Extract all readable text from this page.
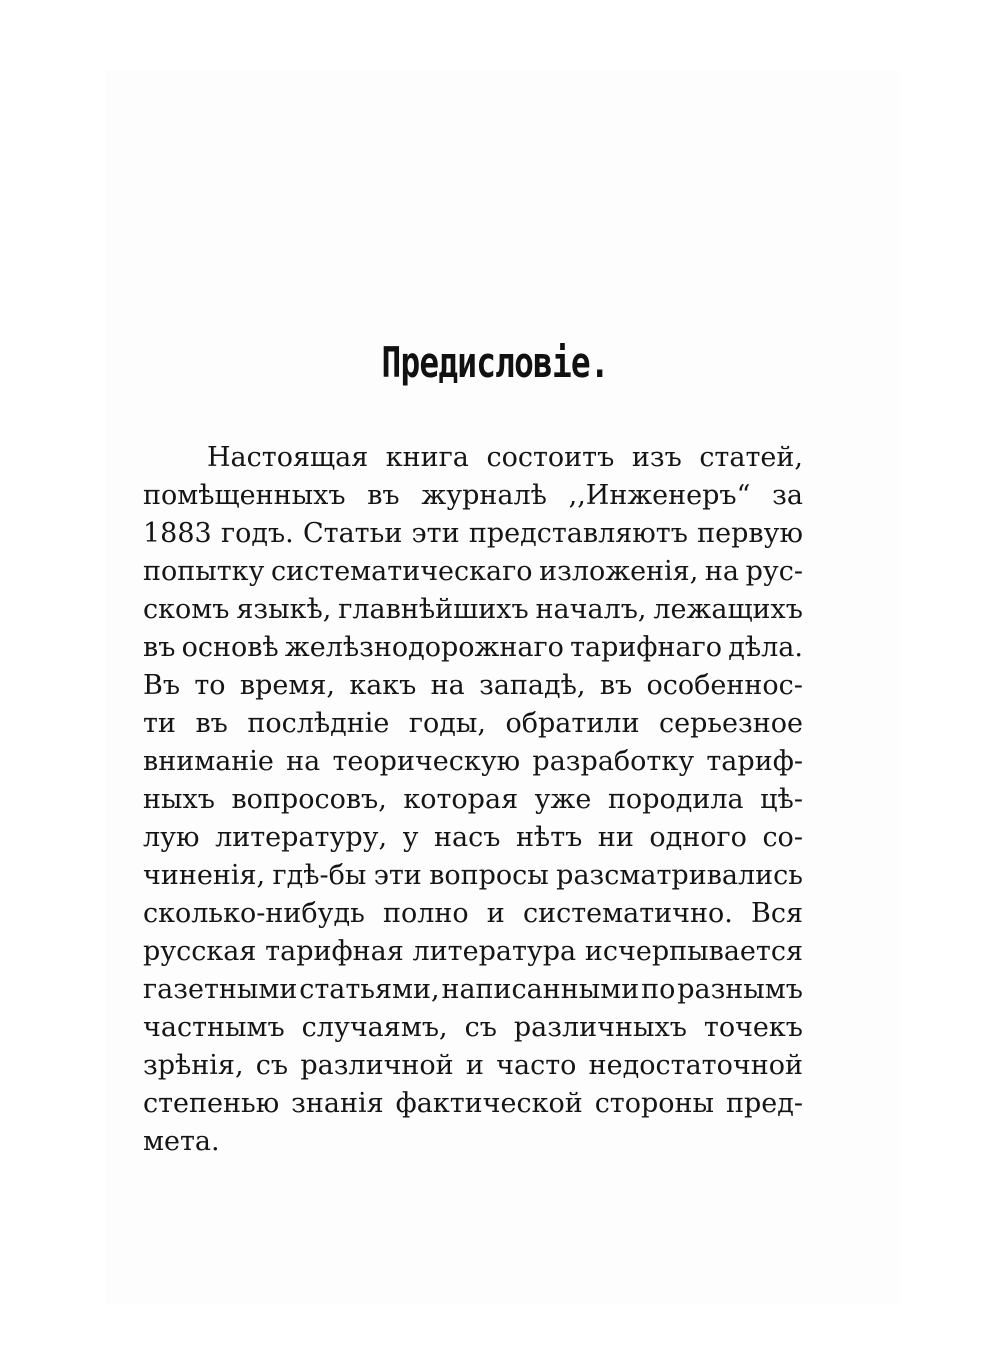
Предисловіе.
Настоящая книга состоитъ изъ статей,
помѣщенныхъ въ журналѣ ,,Инженеръ“ за
1883 годъ. Статьи эти представляютъ первую
попытку систематическаго изложенія, на рус-
скомъ языкѣ, главнѣйшихъ началъ, лежащихъ
въ основѣ желѣзнодорожнаго тарифнаго дѣла.
Въ то время, какъ на западѣ, въ особеннос-
ти въ послѣдніе годы, обратили серьезное
вниманіе на теорическую разработку тариф-
ныхъ вопросовъ, которая уже породила цѣ-
лую литературу, у насъ нѣтъ ни одного со-
чиненія, гдѣ-бы эти вопросы разсматривались
сколько-нибудь полно и систематично. Вся
русская тарифная литература исчерпывается
газетными статьями, написанными по разнымъ
частнымъ случаямъ, съ различныхъ точекъ
зрѣнія, съ различной и часто недостаточной
степенью знанія фактической стороны пред-
мета.
